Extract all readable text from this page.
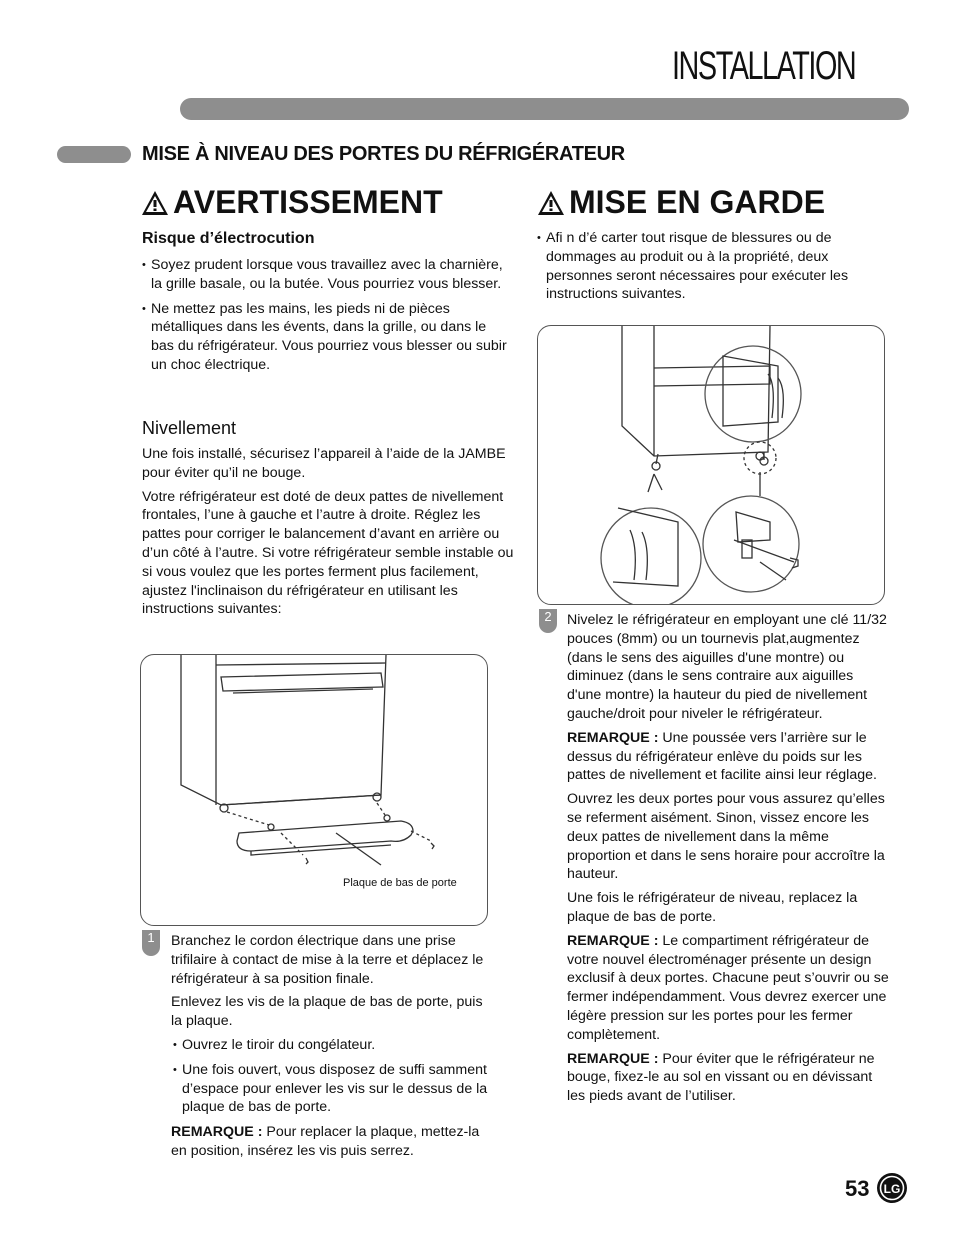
INSTALLATION
MISE À NIVEAU DES PORTES DU RÉFRIGÉRATEUR
AVERTISSEMENT
Risque d’électrocution
• Soyez prudent lorsque vous travaillez avec la charnière, la grille basale, ou la butée. Vous pourriez vous blesser.
• Ne mettez pas les mains, les pieds ni de pièces métalliques dans les évents, dans la grille, ou dans le bas du réfrigérateur. Vous pourriez vous blesser ou subir un choc électrique.
Nivellement

Une fois installé, sécurisez l’appareil à l’aide de la JAMBE pour éviter qu’il ne bouge.

Votre réfrigérateur est doté de deux pattes de nivellement frontales, l’une à gauche et l’autre à droite. Réglez les pattes pour corriger le balancement d’avant en arrière ou d’un côté à l’autre. Si votre réfrigérateur semble instable ou si vous voulez que les portes ferment plus facilement, ajustez l'inclinaison du réfrigérateur en utilisant les instructions suivantes:

Plaque de bas de porte
1	Branchez le cordon électrique dans une prise trifilaire à contact de mise à la terre et déplacez le réfrigérateur à sa position finale.

Enlevez les vis de la plaque de bas de porte, puis la plaque.

• Ouvrez le tiroir du congélateur.
• Une fois ouvert, vous disposez de suffi samment d’espace pour enlever les vis sur le dessus de la plaque de bas de porte.

REMARQUE : Pour replacer la plaque, mettez-la en position, insérez les vis puis serrez.

MISE EN GARDE
• Afi n d’é carter tout risque de blessures ou de dommages au produit ou à la propriété, deux personnes seront nécessaires pour exécuter les instructions suivantes.
2	Nivelez le réfrigérateur en employant une clé 11/32 pouces (8mm) ou un tournevis plat,augmentez (dans le sens des aiguilles d'une montre) ou diminuez (dans le sens contraire aux aiguilles d'une montre) la hauteur du pied de nivellement gauche/droit pour niveler le réfrigérateur.

REMARQUE : Une poussée vers l’arrière sur le dessus du réfrigérateur enlève du poids sur les pattes de nivellement et facilite ainsi leur réglage.

Ouvrez les deux portes pour vous assurez qu’elles se referment aisément. Sinon, vissez encore les deux pattes de nivellement dans la même proportion et dans le sens horaire pour accroître la hauteur.

Une fois le réfrigérateur de niveau, replacez la plaque de bas de porte.

REMARQUE : Le compartiment réfrigérateur de votre nouvel électroménager présente un design exclusif à deux portes. Chacune peut s’ouvrir ou se fermer indépendamment. Vous devrez exercer une légère pression sur les portes pour les fermer complètement.

REMARQUE : Pour éviter que le réfrigérateur ne bouge, fixez-le au sol en vissant ou en dévissant les pieds avant de l’utiliser.

53 LG
